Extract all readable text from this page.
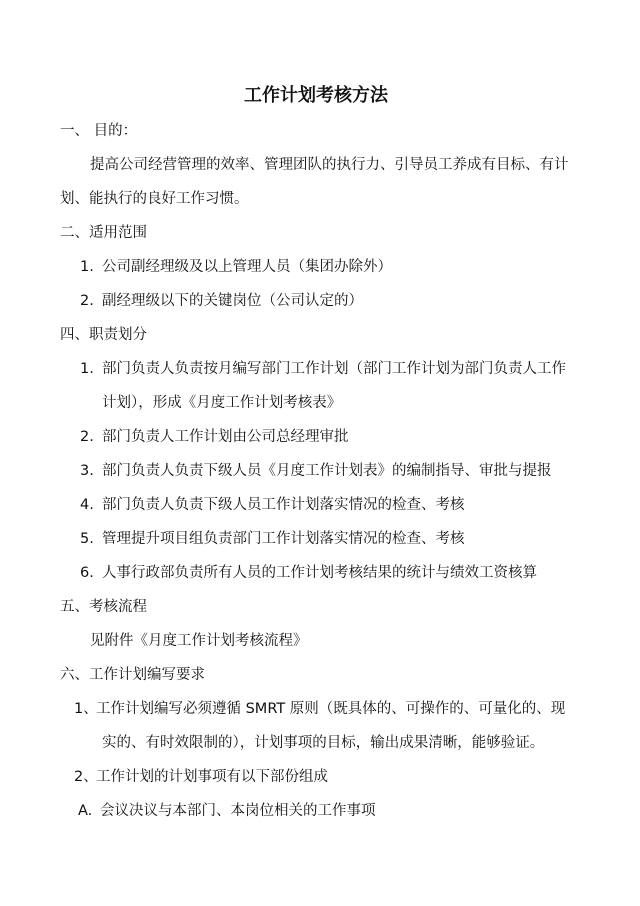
工作计划考核方法
一、 目的：
提高公司经营管理的效率、管理团队的执行力、引导员工养成有目标、有计
划、能执行的良好工作习惯。
二、适用范围
1. 公司副经理级及以上管理人员（集团办除外）
2. 副经理级以下的关键岗位（公司认定的）
四、职责划分
1. 部门负责人负责按月编写部门工作计划（部门工作计划为部门负责人工作
计划），形成《月度工作计划考核表》
2. 部门负责人工作计划由公司总经理审批
3. 部门负责人负责下级人员《月度工作计划表》的编制指导、审批与提报
4. 部门负责人负责下级人员工作计划落实情况的检查、考核
5. 管理提升项目组负责部门工作计划落实情况的检查、考核
6. 人事行政部负责所有人员的工作计划考核结果的统计与绩效工资核算
五、考核流程
见附件《月度工作计划考核流程》
六、工作计划编写要求
1、工作计划编写必须遵循 SMRT 原则（既具体的、可操作的、可量化的、现
实的、有时效限制的），计划事项的目标，输出成果清晰，能够验证。
2、工作计划的计划事项有以下部份组成
A. 会议决议与本部门、本岗位相关的工作事项
